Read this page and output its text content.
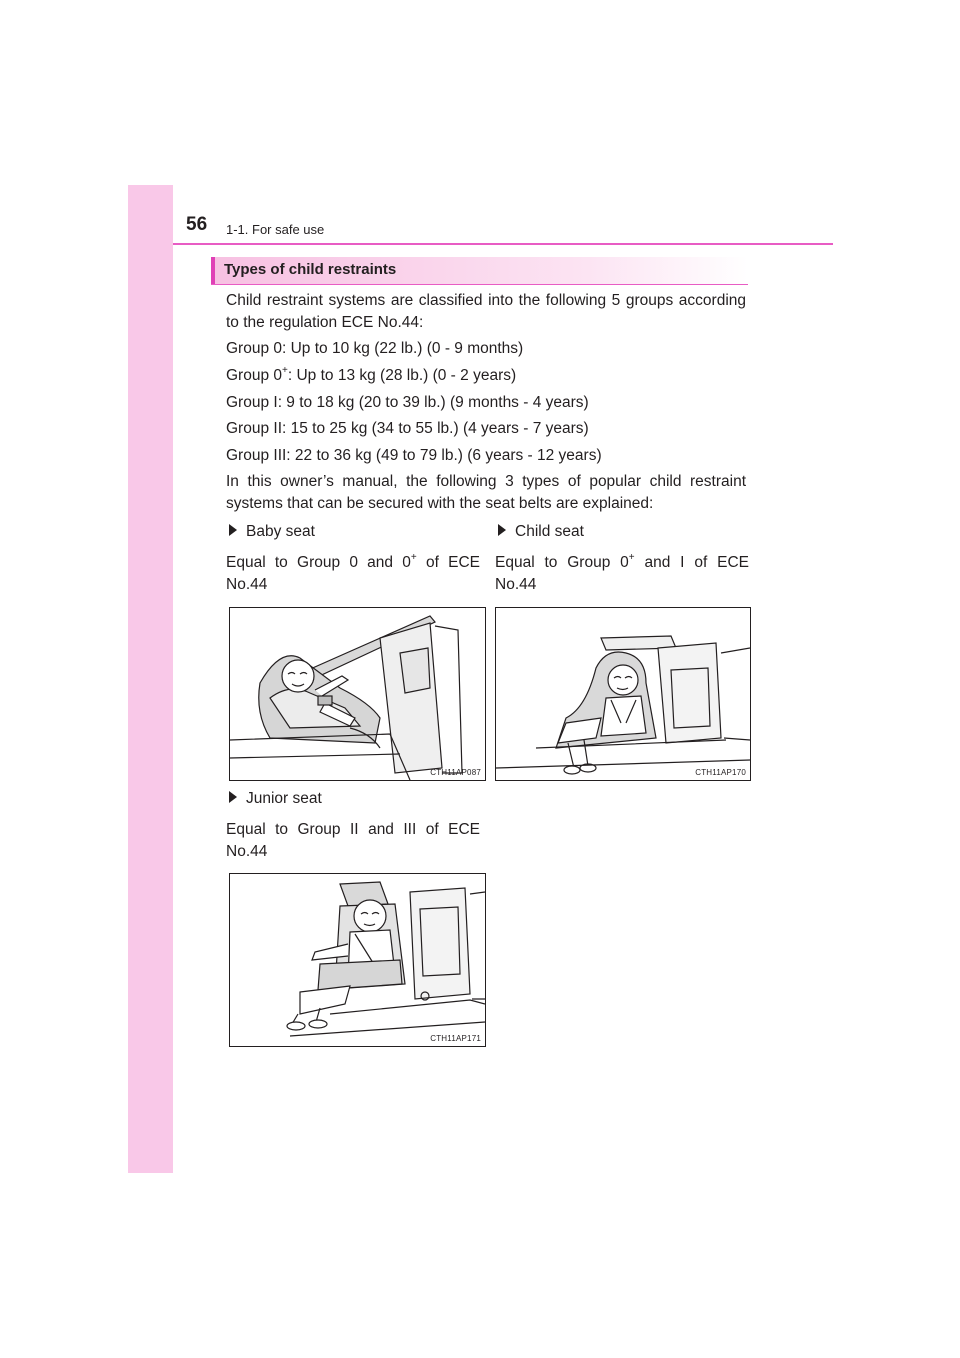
56 1-1. For safe use
Types of child restraints
Child restraint systems are classified into the following 5 groups according to the regulation ECE No.44:
Group 0: Up to 10 kg (22 lb.) (0 - 9 months)
Group 0+: Up to 13 kg (28 lb.) (0 - 2 years)
Group I: 9 to 18 kg (20 to 39 lb.) (9 months - 4 years)
Group II: 15 to 25 kg (34 to 55 lb.) (4 years - 7 years)
Group III: 22 to 36 kg (49 to 79 lb.) (6 years - 12 years)
In this owner’s manual, the following 3 types of popular child restraint systems that can be secured with the seat belts are explained:
Baby seat
Equal to Group 0 and 0+ of ECE No.44
Child seat
Equal to Group 0+ and I of ECE No.44
CTH11AP087	CTH11AP170
Junior seat
Equal to Group II and III of ECE No.44
CTH11AP171
